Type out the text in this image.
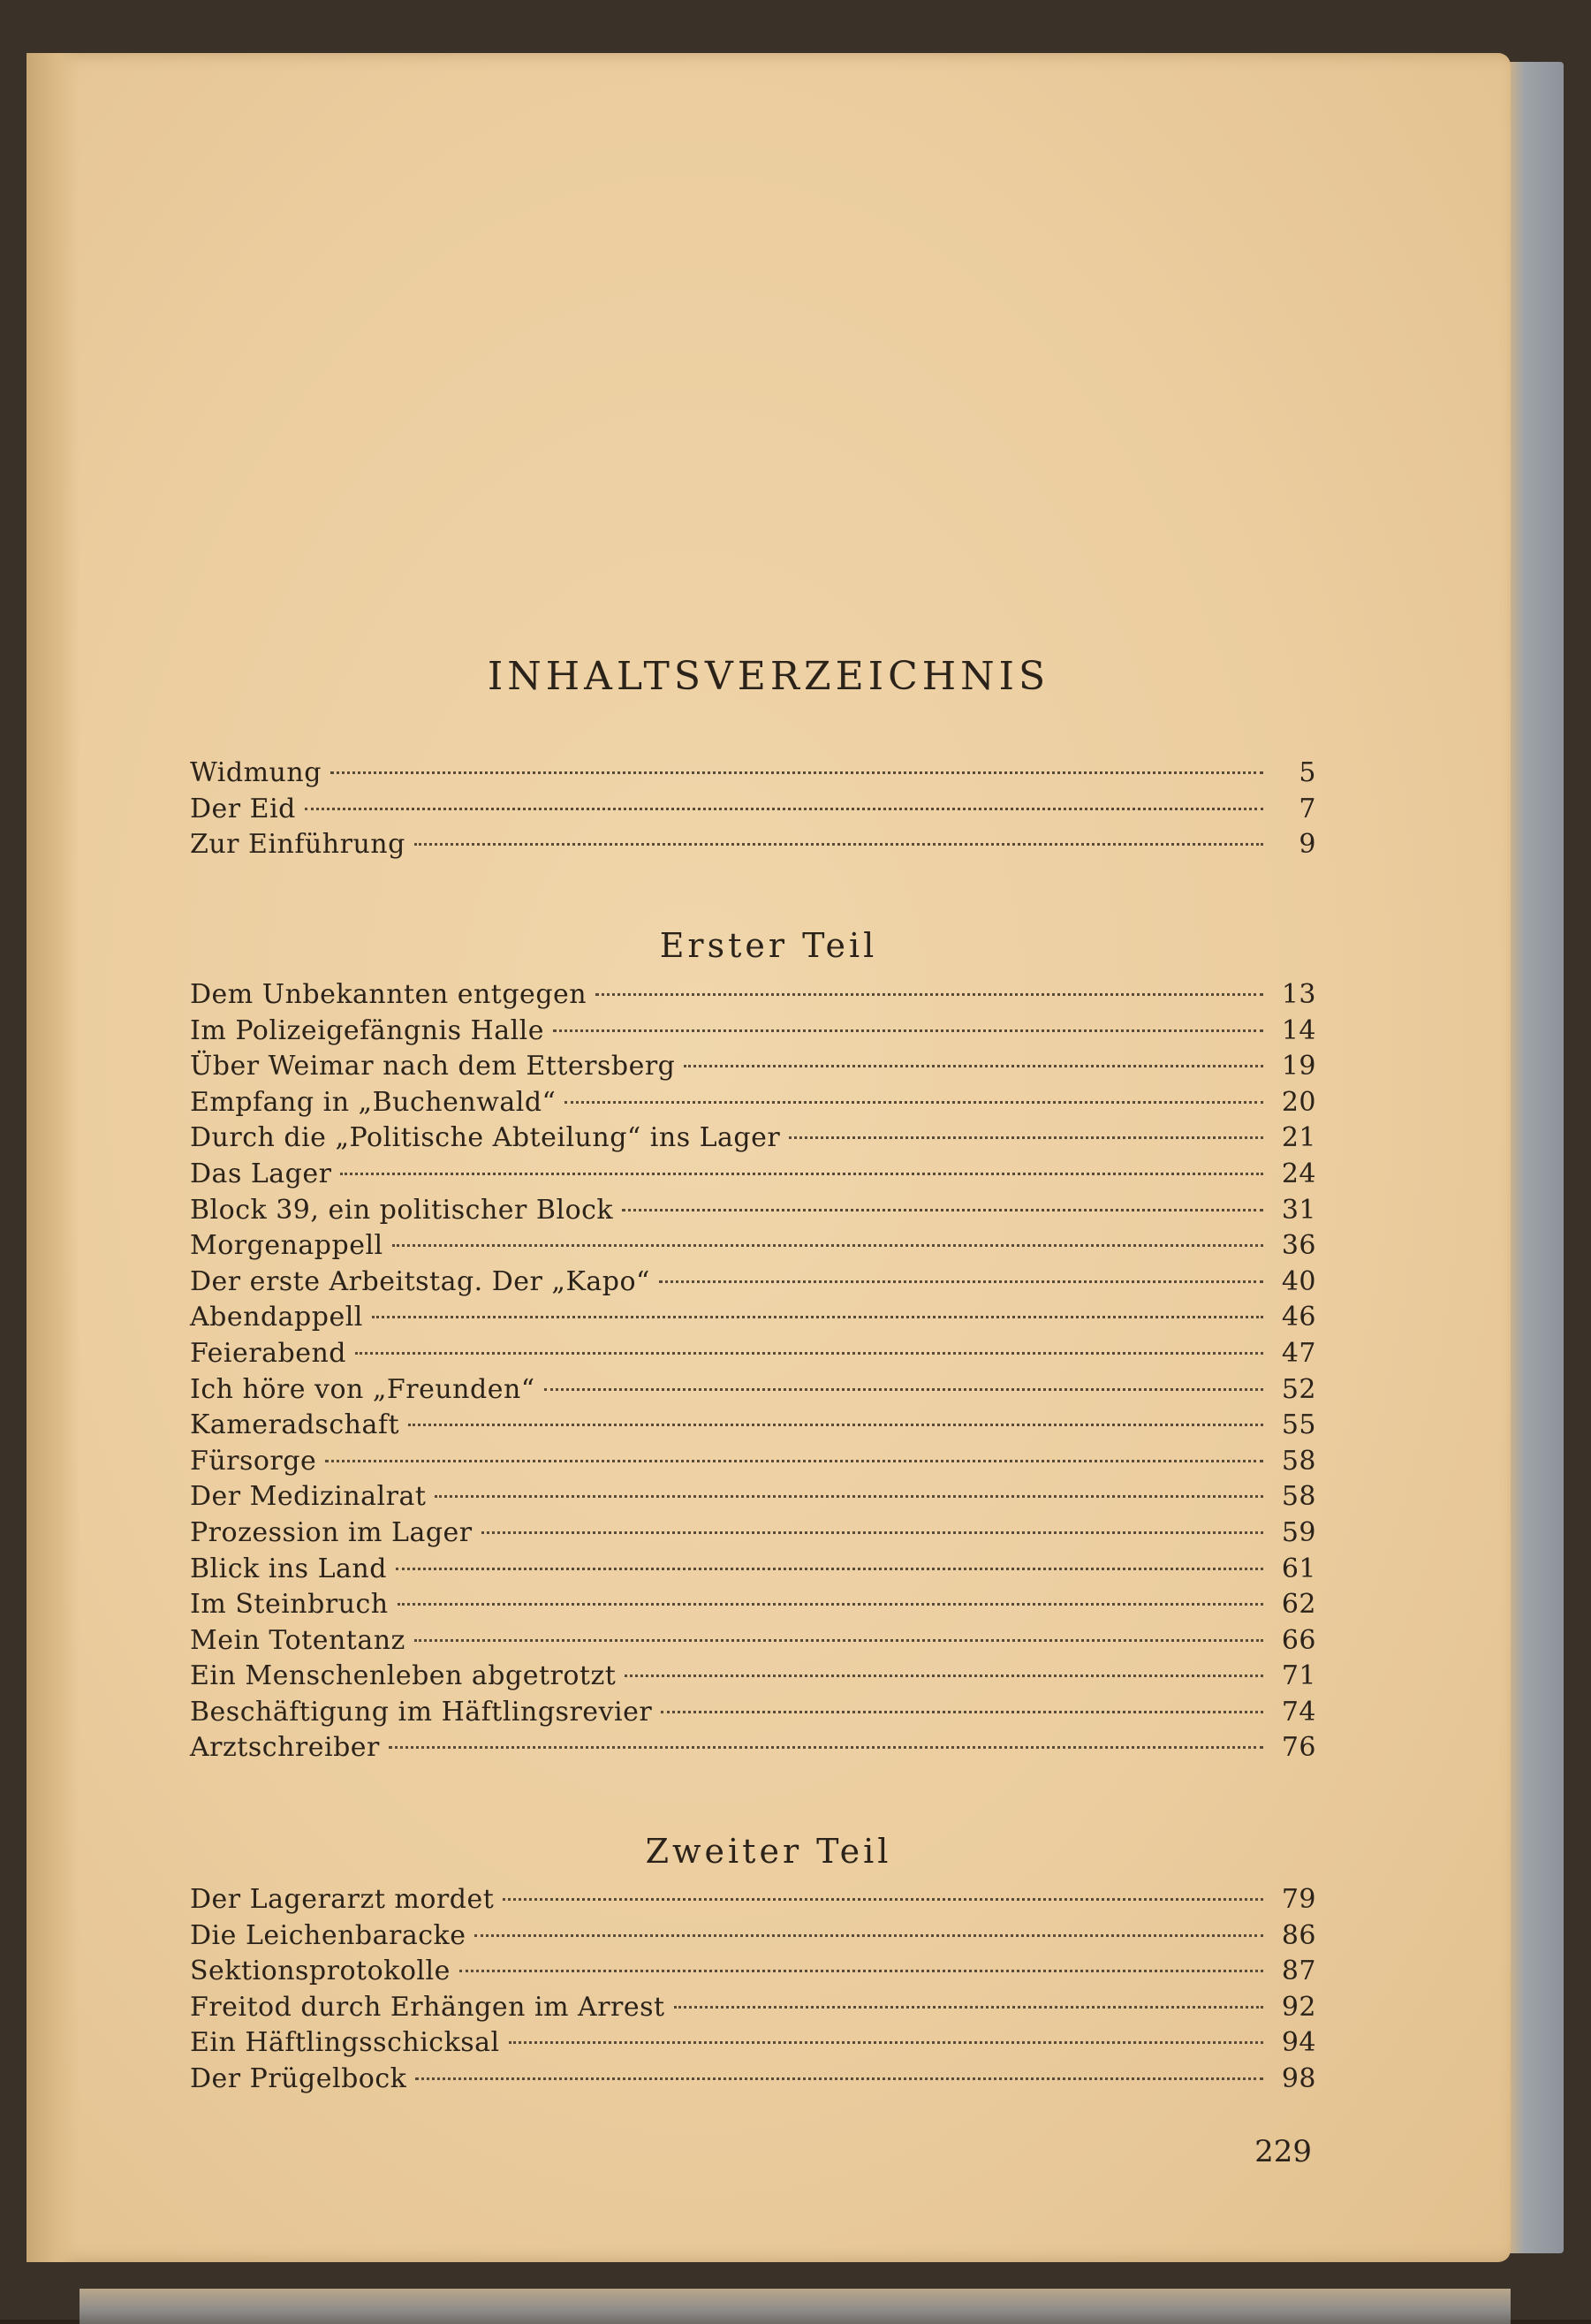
INHALTSVERZEICHNIS
Widmung	5
Der Eid	7
Zur Einführung	9
Erster Teil
Dem Unbekannten entgegen	13
Im Polizeigefängnis Halle	14
Über Weimar nach dem Ettersberg	19
Empfang in „Buchenwald“	20
Durch die „Politische Abteilung“ ins Lager	21
Das Lager	24
Block 39, ein politischer Block	31
Morgenappell	36
Der erste Arbeitstag. Der „Kapo“	40
Abendappell	46
Feierabend	47
Ich höre von „Freunden“	52
Kameradschaft	55
Fürsorge	58
Der Medizinalrat	58
Prozession im Lager	59
Blick ins Land	61
Im Steinbruch	62
Mein Totentanz	66
Ein Menschenleben abgetrotzt	71
Beschäftigung im Häftlingsrevier	74
Arztschreiber	76
Zweiter Teil
Der Lagerarzt mordet	79
Die Leichenbaracke	86
Sektionsprotokolle	87
Freitod durch Erhängen im Arrest	92
Ein Häftlingsschicksal	94
Der Prügelbock	98
229
